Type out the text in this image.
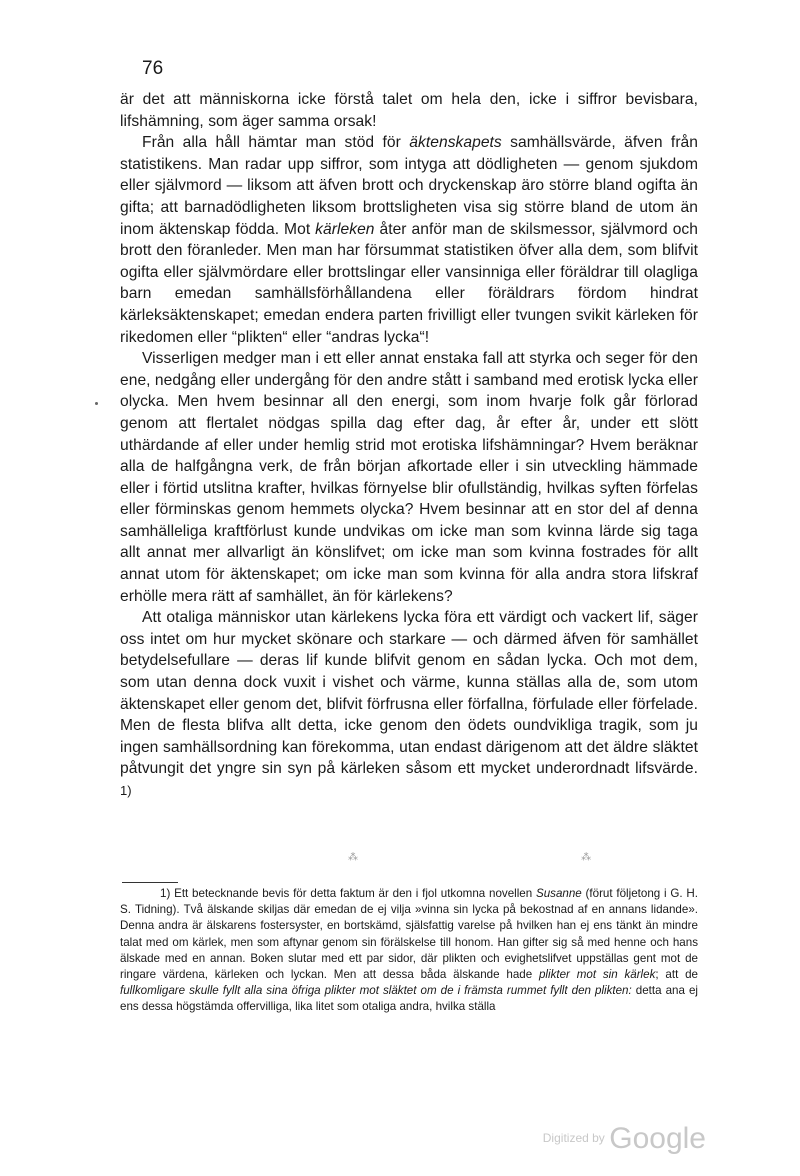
76

är det att människorna icke förstå talet om hela den, icke i siffror bevisbara, lifshämning, som äger samma orsak!

Från alla håll hämtar man stöd för äktenskapets samhällsvärde, äfven från statistikens. Man radar upp siffror, som intyga att dödligheten — genom sjukdom eller självmord — liksom att äfven brott och dryckenskap äro större bland ogifta än gifta; att barnadödligheten liksom brottsligheten visa sig större bland de utom än inom äktenskap födda. Mot kärleken åter anför man de skilsmessor, självmord och brott den föranleder. Men man har försummat statistiken öfver alla dem, som blifvit ogifta eller självmördare eller brottslingar eller vansinniga eller föräldrar till olagliga barn emedan samhällsförhållandena eller föräldrars fördom hindrat kärleksäktenskapet; emedan endera parten frivilligt eller tvungen svikit kärleken för rikedomen eller “plikten“ eller “andras lycka“!

Visserligen medger man i ett eller annat enstaka fall att styrka och seger för den ene, nedgång eller undergång för den andre stått i samband med erotisk lycka eller olycka. Men hvem besinnar all den energi, som inom hvarje folk går förlorad genom att flertalet nödgas spilla dag efter dag, år efter år, under ett slött uthärdande af eller under hemlig strid mot erotiska lifshämningar? Hvem beräknar alla de halfgångna verk, de från början afkortade eller i sin utveckling hämmade eller i förtid utslitna krafter, hvilkas förnyelse blir ofullständig, hvilkas syften förfelas eller förminskas genom hemmets olycka? Hvem besinnar att en stor del af denna samhälleliga kraftförlust kunde undvikas om icke man som kvinna lärde sig taga allt annat mer allvarligt än könslifvet; om icke man som kvinna fostrades för allt annat utom för äktenskapet; om icke man som kvinna för alla andra stora lifskraf erhölle mera rätt af samhället, än för kärlekens?

Att otaliga människor utan kärlekens lycka föra ett värdigt och vackert lif, säger oss intet om hur mycket skönare och starkare — och därmed äfven för samhället betydelsefullare — deras lif kunde blifvit genom en sådan lycka. Och mot dem, som utan denna dock vuxit i vishet och värme, kunna ställas alla de, som utom äktenskapet eller genom det, blifvit förfrusna eller förfallna, förfulade eller förfelade. Men de flesta blifva allt detta, icke genom den ödets oundvikliga tragik, som ju ingen samhällsordning kan förekomma, utan endast därigenom att det äldre släktet påtvungit det yngre sin syn på kärleken såsom ett mycket underordnadt lifsvärde. $^{1)}$

⁂ ⁂

1) Ett betecknande bevis för detta faktum är den i fjol utkomna novellen Susanne (förut följetong i G. H. S. Tidning). Två älskande skiljas där emedan de ej vilja »vinna sin lycka på bekostnad af en annans lidande». Denna andra är älskarens fostersyster, en bortskämd, själsfattig varelse på hvilken han ej ens tänkt än mindre talat med om kärlek, men som aftynar genom sin förälskelse till honom. Han gifter sig så med henne och hans älskade med en annan. Boken slutar med ett par sidor, där plikten och evighetslifvet uppställas gent mot de ringare värdena, kärleken och lyckan. Men att dessa båda älskande hade plikter mot sin kärlek; att de fullkomligare skulle fyllt alla sina öfriga plikter mot släktet om de i främsta rummet fyllt den plikten: detta ana ej ens dessa högstämda offervilliga, lika litet som otaliga andra, hvilka ställa

$^{Digitized by}$ Google
